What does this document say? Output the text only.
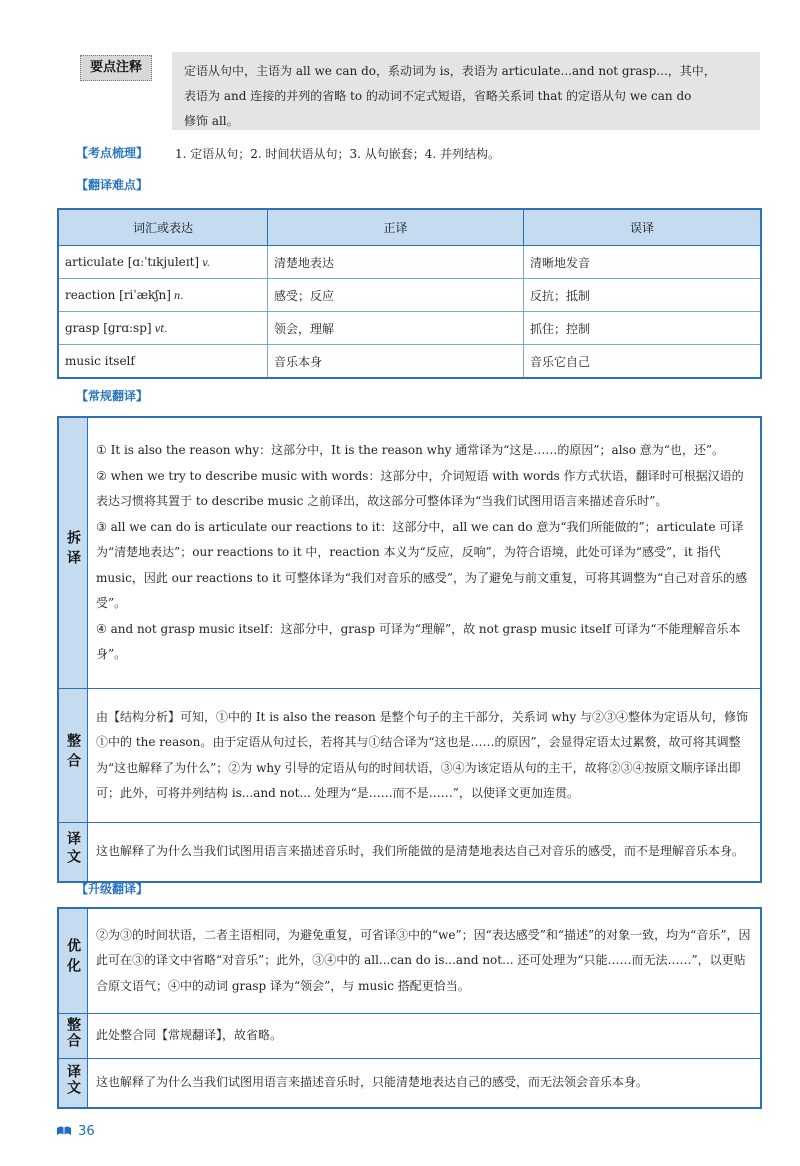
要点注释	定语从句中，主语为 all we can do，系动词为 is，表语为 articulate...and not grasp...，其中，
表语为 and 连接的并列的省略 to 的动词不定式短语，省略关系词 that 的定语从句 we can do
修饰 all。
【考点梳理】 1. 定语从句；2. 时间状语从句；3. 从句嵌套；4. 并列结构。
【翻译难点】
词汇或表达	正译	误译
articulate [ɑːˈtɪkjuleɪt] v.	清楚地表达	清晰地发音
reaction [riˈækʃn] n.	感受；反应	反抗；抵制
grasp [ɡrɑːsp] vt.	领会，理解	抓住；控制
music itself	音乐本身	音乐它自己
【常规翻译】
拆译	① It is also the reason why：这部分中，It is the reason why 通常译为“这是……的原因”；also 意为“也，还”。

② when we try to describe music with words：这部分中，介词短语 with words 作方式状语，翻译时可根据汉语的表达习惯将其置于 to describe music 之前译出，故这部分可整体译为“当我们试图用语言来描述音乐时”。

③ all we can do is articulate our reactions to it：这部分中，all we can do 意为“我们所能做的”；articulate 可译为“清楚地表达”；our reactions to it 中，reaction 本义为“反应，反响”，为符合语境，此处可译为“感受”，it 指代 music，因此 our reactions to it 可整体译为“我们对音乐的感受”，为了避免与前文重复，可将其调整为“自己对音乐的感受”。

④ and not grasp music itself：这部分中，grasp 可译为“理解”，故 not grasp music itself 可译为“不能理解音乐本身”。

整合	由【结构分析】可知，①中的 It is also the reason 是整个句子的主干部分，关系词 why 与②③④整体为定语从句，修饰①中的 the reason。由于定语从句过长，若将其与①结合译为“这也是……的原因”，会显得定语太过累赘，故可将其调整为“这也解释了为什么”；②为 why 引导的定语从句的时间状语，③④为该定语从句的主干，故将②③④按原文顺序译出即可；此外，可将并列结构 is...and not... 处理为“是……而不是……”，以使译文更加连贯。
译文	这也解释了为什么当我们试图用语言来描述音乐时，我们所能做的是清楚地表达自己对音乐的感受，而不是理解音乐本身。
【升级翻译】
优化	②为③的时间状语，二者主语相同，为避免重复，可省译③中的“we”；因“表达感受”和“描述”的对象一致，均为“音乐”，因此可在③的译文中省略“对音乐”；此外，③④中的 all...can do is...and not... 还可处理为“只能……而无法……”，以更贴合原文语气；④中的动词 grasp 译为“领会”，与 music 搭配更恰当。
整合	此处整合同【常规翻译】，故省略。
译文	这也解释了为什么当我们试图用语言来描述音乐时，只能清楚地表达自己的感受，而无法领会音乐本身。
36
